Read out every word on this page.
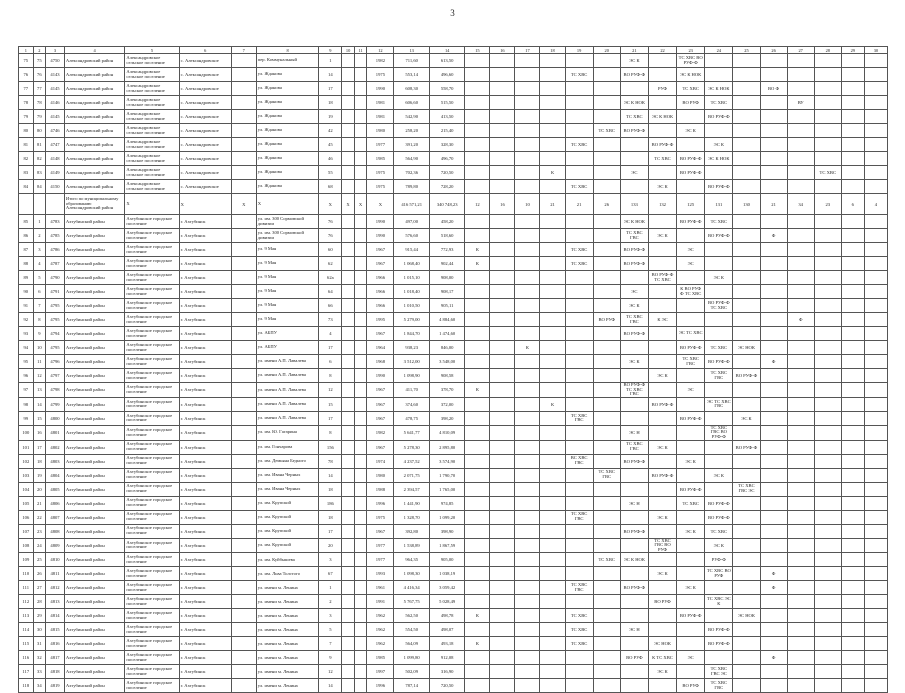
3
1	2	3	4	5	6	7	8	9	10	11	12	13	14	15	16	17	18	19	20	21	22	23	24	25	26	27	28	29	30
75	75	4750	Александровский район	Александровское сельское поселение	с. Александровское		пер. Коммунальный	1			1982	711,60	613,50							ЭС К		ТС ХВС ВО РУФ-Ф							
76	76	4143	Александровский район	Александровское сельское поселение	с. Александровское		ул. Жданова	14			1975	553,14	496,60					ТС ХВС		ВО РУФ-Ф		ЭС К НОК							
77	77	4145	Александровский район	Александровское сельское поселение	с. Александровское		ул. Жданова	17			1990	608,30	558,70								РУФ	ТС ХВС	ЭС К НОК		ВО Ф				
78	78	4146	Александровский район	Александровское сельское поселение	с. Александровское		ул. Жданова	18			1981	606,60	515,50							ЭС К НОК		ВО РУФ	ТС ХВС			ВУ			
79	79	4145	Александровский район	Александровское сельское поселение	с. Александровское		ул. Жданова	19			1981	542,90	413,50							ТС ХВС	ЭС К НОК		ВО РУФ-Ф						
80	80	4746	Александровский район	Александровское сельское поселение	с. Александровское		ул. Жданова	42			1980	258,20	215,40						ТС ХВС	ВО РУФ-Ф		ЭС К							
81	81	4747	Александровский район	Александровское сельское поселение	с. Александровское		ул. Жданова	45			1977	391,20	328,30					ТС ХВС			ВО РУФ-Ф		ЭС К						
82	82	4148	Александровский район	Александровское сельское поселение	с. Александровское		ул. Жданова	46			1985	564,90	496,70								ТС ХВС	ВО РУФ-Ф	ЭС К НОК						
83	83	4149	Александровский район	Александровское сельское поселение	с. Александровское		ул. Жданова	55			1975	702,36	720,50				К			ЭС		ВО РУФ-Ф					ТС ХВС		
84	84	4150	Александровский район	Александровское сельское поселение	с. Александровское		ул. Жданова	68			1975	789,80	728,20					ТС ХВС			ЭС К		ВО РУФ-Ф						
			Итого по муниципальному образованию Александровский район	X	X	X	X	X	X	X	X	416 571,21	340 748,23	12	16	10	21	21	26	133	132	125	131	130	21	34	23	6	4
85	1	4783	Ахтубинский район	Ахтубинское городское поселение	г. Ахтубинск		ул. им. 300 Сормовской дивизии	76			1990	497,00	458,20							ЭС К НОК		ВО РУФ-Ф	ТС ХВС						
86	2	4785	Ахтубинский район	Ахтубинское городское поселение	г. Ахтубинск		ул. им. 300 Сормовской дивизии	76			1990	576,60	518,60							ТС ХВС ГВС	ЭС К		ВО РУФ-Ф		Ф				
87	3	4786	Ахтубинский район	Ахтубинское городское поселение	г. Ахтубинск		ул. 9 Мая	60			1967	915,44	772,93	К				ТС ХВС		ВО РУФ-Ф		ЭС							
88	4	4787	Ахтубинский район	Ахтубинское городское поселение	г. Ахтубинск		ул. 9 Мая	62			1967	1 068,40	902,44	К				ТС ХВС		ВО РУФ-Ф		ЭС							
89	5	4790	Ахтубинский район	Ахтубинское городское поселение	г. Ахтубинск		ул. 9 Мая	62а			1966	1 015,10	908,00								ВО РУФ-Ф ТС ХВС		ЭС К						
90	6	4791	Ахтубинский район	Ахтубинское городское поселение	г. Ахтубинск		ул. 9 Мая	64			1966	1 018,40	908,17							ЭС		К ВО РУФ Ф ТС ХВС							
91	7	4795	Ахтубинский район	Ахтубинское городское поселение	г. Ахтубинск		ул. 9 Мая	66			1966	1 010,50	905,11							ЭС К			ВО РУФ-Ф ТС ХВС						
92	8	4795	Ахтубинский район	Ахтубинское городское поселение	г. Ахтубинск		ул. 9 Мая	73			1995	5 279,00	4 884,60						ВО РУФ	ТС ХВС ГВС	К ЭС					Ф			
93	9	4794	Ахтубинский район	Ахтубинское городское поселение	г. Ахтубинск		ул. АБПУ	4			1967	1 844,70	1 474,60							ВО РУФ-Ф		ЭС ТС ХВС							
94	10	4795	Ахтубинский район	Ахтубинское городское поселение	г. Ахтубинск		ул. АБПУ	17			1964	938,23	846,00			К						ВО РУФ-Ф	ТС ХВС	ЭС НОК					
95	11	4796	Ахтубинский район	Ахтубинское городское поселение	г. Ахтубинск		ул. имени А.П. Лавалева	6			1968	3 512,00	3 548,00							ЭС К		ТС ХВС ГВС	ВО РУФ-Ф		Ф				
96	12	4797	Ахтубинский район	Ахтубинское городское поселение	г. Ахтубинск		ул. имени А.П. Лавалева	8			1990	1 098,90	908,58								ЭС К		ТС ХВС ГВС	ВО РУФ-Ф					
97	13	4798	Ахтубинский район	Ахтубинское городское поселение	г. Ахтубинск		ул. имени А.П. Лавалева	12			1967	411,70	378,70	К						ВО РУФ-Ф ТС ХВС ГВС		ЭС							
98	14	4799	Ахтубинский район	Ахтубинское городское поселение	г. Ахтубинск		ул. имени А.П. Лавалева	15			1967	374,60	372,00				К				ВО РУФ-Ф		ЭС ТС ХВС ГВС						
99	15	4800	Ахтубинский район	Ахтубинское городское поселение	г. Ахтубинск		ул. имени А.П. Лавалева	17			1967	478,75	398,20					ТС ХВС ГВС				ВО РУФ-Ф		ЭС К					
100	16	4801	Ахтубинский район	Ахтубинское городское поселение	г. Ахтубинск		ул. им. Ю. Гагарина	8			1982	5 641,77	4 810,09							ЭС Н			ТС ХВС ГВС ВО РУФ-Ф						
101	17	4802	Ахтубинский район	Ахтубинское городское поселение	г. Ахтубинск		ул. им. Гончарова	156			1967	5 278,30	2 895,80							ТС ХВС ГВС	ЭС К			ВО РУФ-Ф					
102	18	4803	Ахтубинский район	Ахтубинское городское поселение	г. Ахтубинск		ул. им. Демьяна Бедного	78			1974	4 237,52	3 574,90					ВС ХВС ГВС		ВО РУФ-Ф		ЭС К							
103	19	4804	Ахтубинский район	Ахтубинское городское поселение	г. Ахтубинск		ул. им. Ивана Черных	14			1980	2 071,75	1 790,70						ТС ХВС ГВС		ВО РУФ-Ф		ЭС К						
104	20	4805	Ахтубинский район	Ахтубинское городское поселение	г. Ахтубинск		ул. им. Ивана Черных	18			1988	2 394,57	1 765,00									ВО РУФ-Ф		ТС ХВС ГВС ЭС					
105	21	4806	Ахтубинский район	Ахтубинское городское поселение	г. Ахтубинск		ул. им. Крупской	186			1996	1 441,90	974,85							ЭС Н		ТС ХВС	ВО РУФ-Ф						
106	22	4807	Ахтубинский район	Ахтубинское городское поселение	г. Ахтубинск		ул. им. Крупской	18			1975	1 328,70	1 099,20					ТС ХВС ГВС			ЭС К		ВО РУФ-Ф						
107	23	4808	Ахтубинский район	Ахтубинское городское поселение	г. Ахтубинск		ул. им. Крупской	17			1967	392,80	398,90							ВО РУФ-Ф		ЭС К	ТС ХВС						
108	24	4809	Ахтубинский район	Ахтубинское городское поселение	г. Ахтубинск		ул. им. Крупской	20			1977	1 538,89	1 867,59								ТС ХВС ГВС ВО РУФ		ЭС К						
109	25	4810	Ахтубинский район	Ахтубинское городское поселение	г. Ахтубинск		ул. им. Куйбышева	3			1977	964,35	905,00						ТС ХВС	ЭС К НОК			РУФ-Ф						
110	26	4811	Ахтубинский район	Ахтубинское городское поселение	г. Ахтубинск		ул. им. Льва Толстого	67			1993	1 098,30	1 038,19								ЭС К		ТС ХВС ВО РУФ		Ф				
111	27	4812	Ахтубинский район	Ахтубинское городское поселение	г. Ахтубинск		ул. имени м. Ленина	1			1961	4 416,34	3 059,42					ТС ХВС ГВС		ВО РУФ-Ф		ЭС К			Ф				
112	28	4813	Ахтубинский район	Ахтубинское городское поселение	г. Ахтубинск		ул. имени м. Ленина	2			1991	5 767,75	5 028,49								ВО РУФ		ТС ХВС ЭС К						
113	29	4814	Ахтубинский район	Ахтубинское городское поселение	г. Ахтубинск		ул. имени м. Ленина	3			1962	562,50	498,78	К				ТС ХВС				ВО РУФ-Ф		ЭС НОК					
114	30	4815	Ахтубинский район	Ахтубинское городское поселение	г. Ахтубинск		ул. имени м. Ленина	5			1962	554,50	498,07					ТС ХВС		ЭС Н			ВО РУФ-Ф						
115	31	4816	Ахтубинский район	Ахтубинское городское поселение	г. Ахтубинск		ул. имени м. Ленина	7			1962	564,09	493,18	К				ТС ХВС			ЭС НОК		ВО РУФ-Ф						
116	32	4817	Ахтубинский район	Ахтубинское городское поселение	г. Ахтубинск		ул. имени м. Ленина	9			1985	1 099,80	912,08							ВО РУФ	К ТС ХВС	ЭС			Ф				
117	33	4818	Ахтубинский район	Ахтубинское городское поселение	г. Ахтубинск		ул. имени м. Ленина	12			1997	502,09	316,90								ЭС К		ТС ХВС ГВС ЭС						
118	34	4819	Ахтубинский район	Ахтубинское городское поселение	г. Ахтубинск		ул. имени м. Ленина	14			1996	787,14	720,50									ВО РУФ	ТС ХВС ГВС						
